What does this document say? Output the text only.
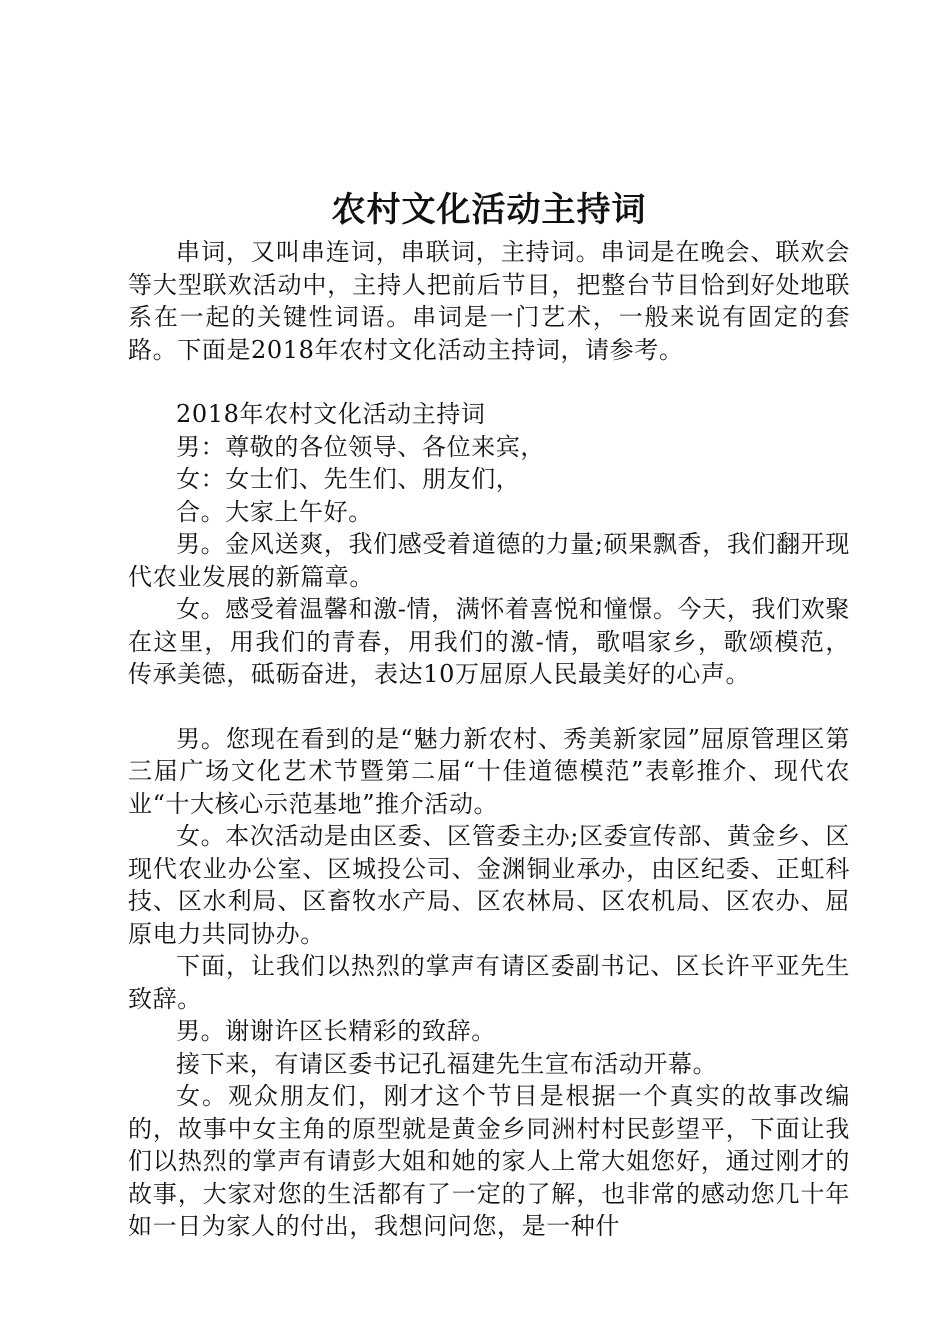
农村文化活动主持词

串词，又叫串连词，串联词，主持词。串词是在晚会、联欢会等大型联欢活动中，主持人把前后节目，把整台节目恰到好处地联系在一起的关键性词语。串词是一门艺术，一般来说有固定的套路。下面是2018年农村文化活动主持词，请参考。

2018年农村文化活动主持词

男：尊敬的各位领导、各位来宾，

女：女士们、先生们、朋友们，

合。大家上午好。

男。金风送爽，我们感受着道德的力量;硕果飘香，我们翻开现代农业发展的新篇章。

女。感受着温馨和激-情，满怀着喜悦和憧憬。今天，我们欢聚在这里，用我们的青春，用我们的激-情，歌唱家乡，歌颂模范，传承美德，砥砺奋进，表达10万屈原人民最美好的心声。

男。您现在看到的是“魅力新农村、秀美新家园”屈原管理区第三届广场文化艺术节暨第二届“十佳道德模范”表彰推介、现代农业“十大核心示范基地”推介活动。

女。本次活动是由区委、区管委主办;区委宣传部、黄金乡、区现代农业办公室、区城投公司、金渊铜业承办，由区纪委、正虹科技、区水利局、区畜牧水产局、区农林局、区农机局、区农办、屈原电力共同协办。

下面，让我们以热烈的掌声有请区委副书记、区长许平亚先生致辞。

男。谢谢许区长精彩的致辞。

接下来，有请区委书记孔福建先生宣布活动开幕。

女。观众朋友们，刚才这个节目是根据一个真实的故事改编的，故事中女主角的原型就是黄金乡同洲村村民彭望平，下面让我们以热烈的掌声有请彭大姐和她的家人上常大姐您好，通过刚才的故事，大家对您的生活都有了一定的了解，也非常的感动您几十年如一日为家人的付出，我想问问您，是一种什
